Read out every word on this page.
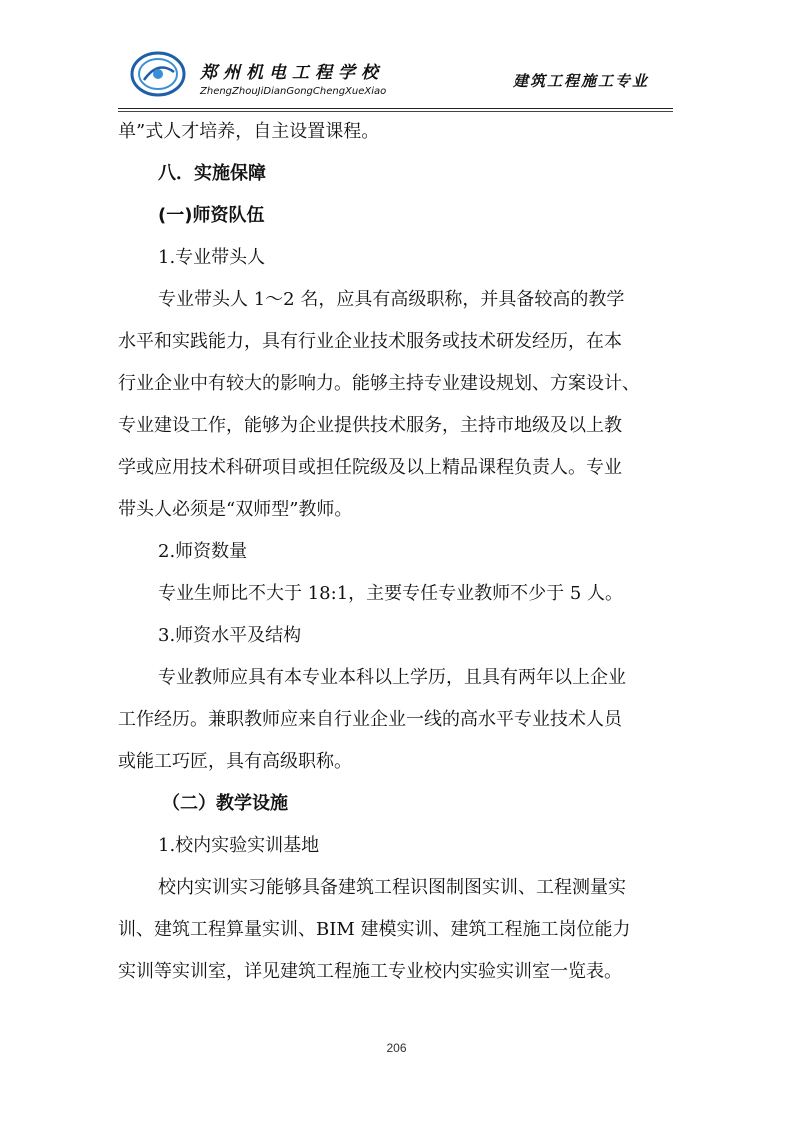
郑州机电工程学校
ZhengZhouJiDianGongChengXueXiao
建筑工程施工专业
单”式人才培养，自主设置课程。
八．实施保障
(一)师资队伍
1.专业带头人
专业带头人 1～2 名，应具有高级职称，并具备较高的教学
水平和实践能力，具有行业企业技术服务或技术研发经历，在本
行业企业中有较大的影响力。能够主持专业建设规划、方案设计、
专业建设工作，能够为企业提供技术服务，主持市地级及以上教
学或应用技术科研项目或担任院级及以上精品课程负责人。专业
带头人必须是“双师型”教师。
2.师资数量
专业生师比不大于 18:1，主要专任专业教师不少于 5 人。
3.师资水平及结构
专业教师应具有本专业本科以上学历，且具有两年以上企业
工作经历。兼职教师应来自行业企业一线的高水平专业技术人员
或能工巧匠，具有高级职称。
（二）教学设施
1.校内实验实训基地
校内实训实习能够具备建筑工程识图制图实训、工程测量实
训、建筑工程算量实训、BIM 建模实训、建筑工程施工岗位能力
实训等实训室，详见建筑工程施工专业校内实验实训室一览表。
206
